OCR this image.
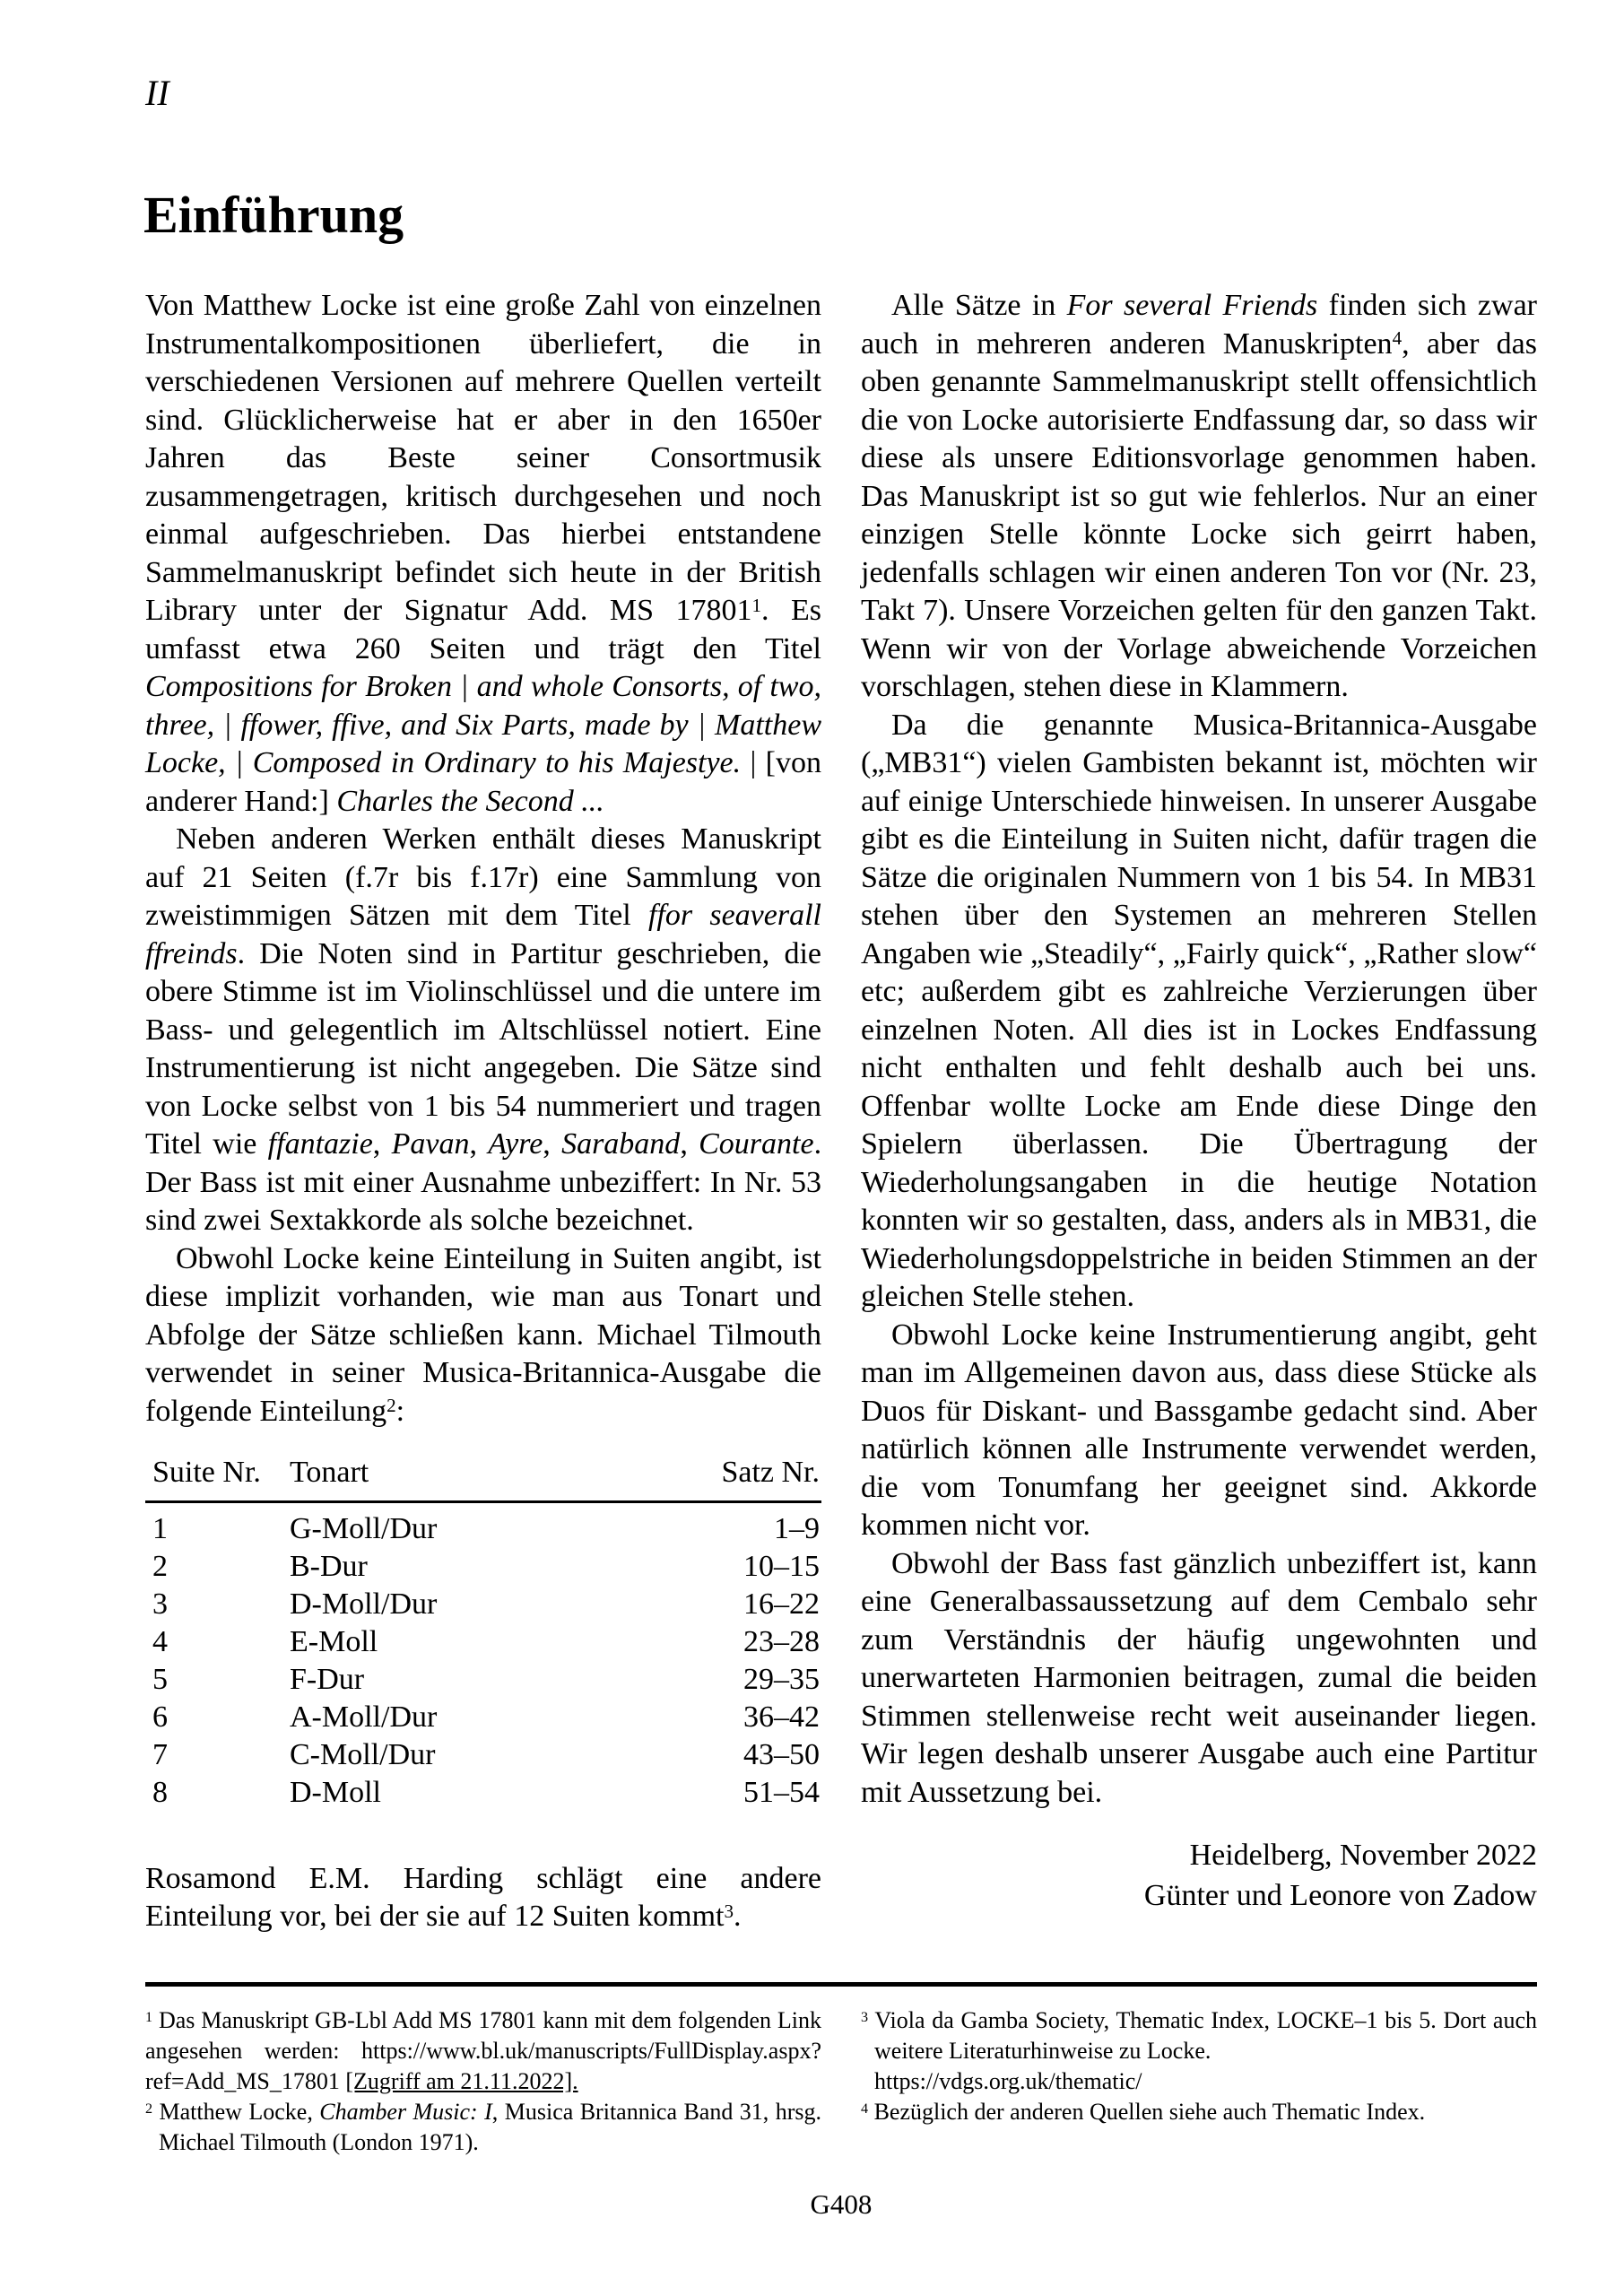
II
Einführung

Von Matthew Locke ist eine große Zahl von einzelnen Instrumentalkompositionen überliefert, die in verschiedenen Versionen auf mehrere Quellen verteilt sind. Glücklicherweise hat er aber in den 1650er Jahren das Beste seiner Consortmusik zusammengetragen, kritisch durchgesehen und noch einmal aufgeschrieben. Das hierbei entstandene Sammelmanuskript befindet sich heute in der British Library unter der Signatur Add. MS 17801$^1$. Es umfasst etwa 260 Seiten und trägt den Titel Compositions for Broken | and whole Consorts, of two, three, | ffower, ffive, and Six Parts, made by | Matthew Locke, | Composed in Ordinary to his Majestye. | [von anderer Hand:] Charles the Second ...

Neben anderen Werken enthält dieses Manuskript auf 21 Seiten (f.7r bis f.17r) eine Sammlung von zweistimmigen Sätzen mit dem Titel ffor seaverall ffreinds. Die Noten sind in Partitur geschrieben, die obere Stimme ist im Violinschlüssel und die untere im Bass- und gelegentlich im Altschlüssel notiert. Eine Instrumentierung ist nicht angegeben. Die Sätze sind von Locke selbst von 1 bis 54 nummeriert und tragen Titel wie ffantazie, Pavan, Ayre, Saraband, Courante. Der Bass ist mit einer Ausnahme unbeziffert: In Nr. 53 sind zwei Sextakkorde als solche bezeichnet.

Obwohl Locke keine Einteilung in Suiten angibt, ist diese implizit vorhanden, wie man aus Tonart und Abfolge der Sätze schließen kann. Michael Tilmouth verwendet in seiner Musica-Britannica-Ausgabe die folgende Einteilung$^2$:

Suite Nr.	Tonart	Satz Nr.
1	G-Moll/Dur	1–9
2	B-Dur	10–15
3	D-Moll/Dur	16–22
4	E-Moll	23–28
5	F-Dur	29–35
6	A-Moll/Dur	36–42
7	C-Moll/Dur	43–50
8	D-Moll	51–54

Rosamond E.M. Harding schlägt eine andere Einteilung vor, bei der sie auf 12 Suiten kommt$^3$.

Alle Sätze in For several Friends finden sich zwar auch in mehreren anderen Manuskripten$^4$, aber das oben genannte Sammelmanuskript stellt offensichtlich die von Locke autorisierte Endfassung dar, so dass wir diese als unsere Editionsvorlage genommen haben. Das Manuskript ist so gut wie fehlerlos. Nur an einer einzigen Stelle könnte Locke sich geirrt haben, jedenfalls schlagen wir einen anderen Ton vor (Nr. 23, Takt 7). Unsere Vorzeichen gelten für den ganzen Takt. Wenn wir von der Vorlage abweichende Vorzeichen vorschlagen, stehen diese in Klammern.

Da die genannte Musica-Britannica-Ausgabe („MB31“) vielen Gambisten bekannt ist, möchten wir auf einige Unterschiede hinweisen. In unserer Ausgabe gibt es die Einteilung in Suiten nicht, dafür tragen die Sätze die originalen Nummern von 1 bis 54. In MB31 stehen über den Systemen an mehreren Stellen Angaben wie „Steadily“, „Fairly quick“, „Rather slow“ etc; außerdem gibt es zahlreiche Verzierungen über einzelnen Noten. All dies ist in Lockes Endfassung nicht enthalten und fehlt deshalb auch bei uns. Offenbar wollte Locke am Ende diese Dinge den Spielern überlassen. Die Übertragung der Wiederholungsangaben in die heutige Notation konnten wir so gestalten, dass, anders als in MB31, die Wiederholungsdoppelstriche in beiden Stimmen an der gleichen Stelle stehen.

Obwohl Locke keine Instrumentierung angibt, geht man im Allgemeinen davon aus, dass diese Stücke als Duos für Diskant- und Bassgambe gedacht sind. Aber natürlich können alle Instrumente verwendet werden, die vom Tonumfang her geeignet sind. Akkorde kommen nicht vor.

Obwohl der Bass fast gänzlich unbeziffert ist, kann eine Generalbassaussetzung auf dem Cembalo sehr zum Verständnis der häufig ungewohnten und unerwarteten Harmonien beitragen, zumal die beiden Stimmen stellenweise recht weit auseinander liegen. Wir legen deshalb unserer Ausgabe auch eine Partitur mit Aussetzung bei.

Heidelberg, November 2022
Günter und Leonore von Zadow
$^1$ Das Manuskript GB-Lbl Add MS 17801 kann mit dem folgenden Link angesehen werden: https://www.bl.uk/manuscripts/FullDisplay.aspx?ref=Add_MS_17801 [Zugriff am 21.11.2022].
$^2$ Matthew Locke, Chamber Music: I, Musica Britannica Band 31, hrsg. Michael Tilmouth (London 1971).
$^3$ Viola da Gamba Society, Thematic Index, LOCKE–1 bis 5. Dort auch weitere Literaturhinweise zu Locke.
https://vdgs.org.uk/thematic/
$^4$ Bezüglich der anderen Quellen siehe auch Thematic Index.
G408
